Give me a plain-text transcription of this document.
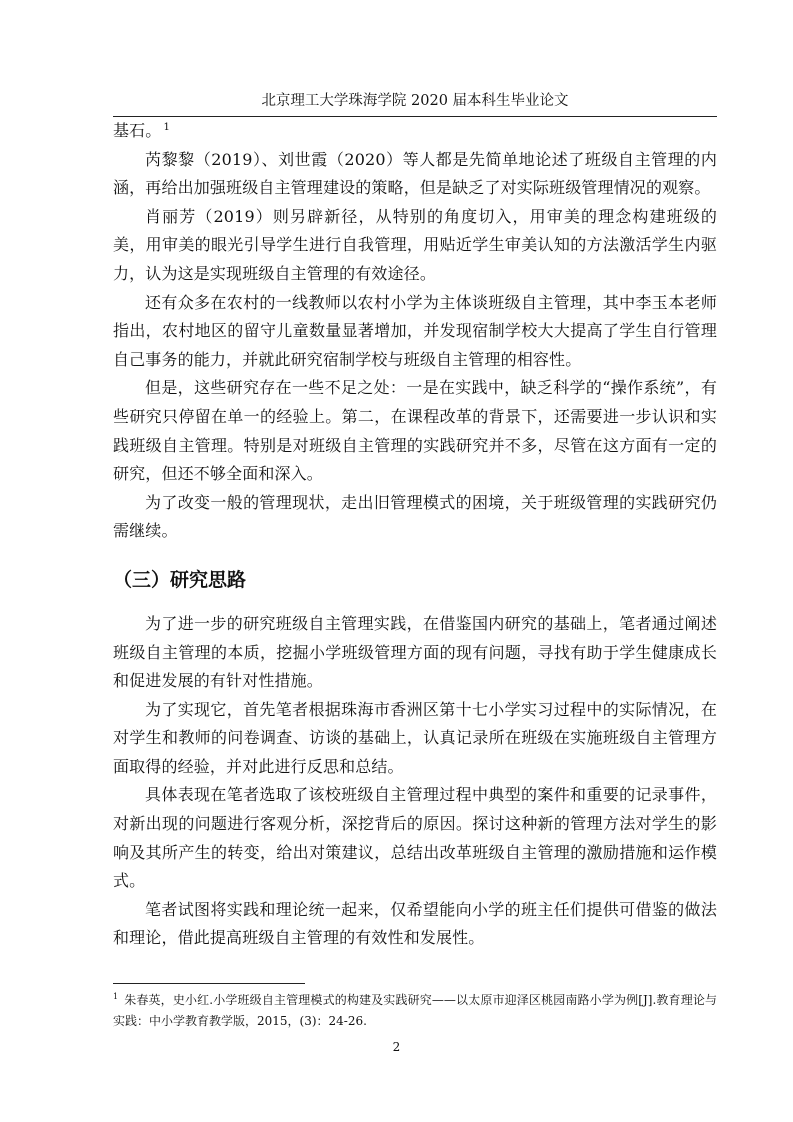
北京理工大学珠海学院 2020 届本科生毕业论文

基石。 $^1$

芮黎黎（2019）、刘世霞（2020）等人都是先简单地论述了班级自主管理的内涵，再给出加强班级自主管理建设的策略，但是缺乏了对实际班级管理情况的观察。

肖丽芳（2019）则另辟新径，从特别的角度切入，用审美的理念构建班级的美，用审美的眼光引导学生进行自我管理，用贴近学生审美认知的方法激活学生内驱力，认为这是实现班级自主管理的有效途径。

还有众多在农村的一线教师以农村小学为主体谈班级自主管理，其中李玉本老师指出，农村地区的留守儿童数量显著增加，并发现宿制学校大大提高了学生自行管理自己事务的能力，并就此研究宿制学校与班级自主管理的相容性。

但是，这些研究存在一些不足之处：一是在实践中，缺乏科学的“操作系统”，有些研究只停留在单一的经验上。第二，在课程改革的背景下，还需要进一步认识和实践班级自主管理。特别是对班级自主管理的实践研究并不多，尽管在这方面有一定的研究，但还不够全面和深入。

为了改变一般的管理现状，走出旧管理模式的困境，关于班级管理的实践研究仍需继续。

（三）研究思路

为了进一步的研究班级自主管理实践，在借鉴国内研究的基础上，笔者通过阐述班级自主管理的本质，挖掘小学班级管理方面的现有问题，寻找有助于学生健康成长和促进发展的有针对性措施。

为了实现它，首先笔者根据珠海市香洲区第十七小学实习过程中的实际情况，在对学生和教师的问卷调查、访谈的基础上，认真记录所在班级在实施班级自主管理方面取得的经验，并对此进行反思和总结。

具体表现在笔者选取了该校班级自主管理过程中典型的案件和重要的记录事件，对新出现的问题进行客观分析，深挖背后的原因。探讨这种新的管理方法对学生的影响及其所产生的转变，给出对策建议，总结出改革班级自主管理的激励措施和运作模式。

笔者试图将实践和理论统一起来，仅希望能向小学的班主任们提供可借鉴的做法和理论，借此提高班级自主管理的有效性和发展性。

$^1$ 朱春英，史小红.小学班级自主管理模式的构建及实践研究——以太原市迎泽区桃园南路小学为例[J].教育理论与实践：中小学教育教学版，2015，(3)：24-26.
2
